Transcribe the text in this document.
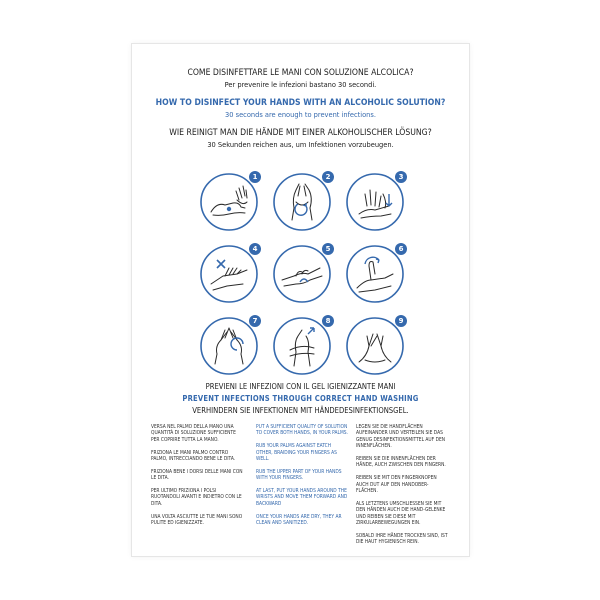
COME DISINFETTARE LE MANI CON SOLUZIONE ALCOLICA?
Per prevenire le infezioni bastano 30 secondi.
HOW TO DISINFECT YOUR HANDS WITH AN ALCOHOLIC SOLUTION?
30 seconds are enough to prevent infections.
WIE REINIGT MAN DIE HÄNDE MIT EINER ALKOHOLISCHER LÖSUNG?
30 Sekunden reichen aus, um Infektionen vorzubeugen.
1	2	3
4	5	6
7	8	9
PREVIENI LE INFEZIONI CON IL GEL IGIENIZZANTE MANI
PREVENT INFECTIONS THROUGH CORRECT HAND WASHING
VERHINDERN SIE INFEKTIONEN MIT HÄNDEDESINFEKTIONSGEL.

VERSA NEL PALMO DELLA MANO UNA QUANTITÀ DI SOLUZIONE SUFFICIENTE PER COPRIRE TUTTA LA MANO.

FRIZIONA LE MANI PALMO CONTRO PALMO, INTRECCIANDO BENE LE DITA.

FRIZIONA BENE I DORSI DELLE MANI CON LE DITA.

PER ULTIMO FRIZIONA I POLSI RUOTANDOLI AVANTI E INDIETRO CON LE DITA.

UNA VOLTA ASCIUTTE LE TUE MANI SONO PULITE ED IGIENIZZATE.

PUT A SUFFICIENT QUALITY OF SOLUTION TO COVER BOTH HANDS, IN YOUR PALMS.

RUB YOUR PALMS AGAINST EATCH OTHER, BRAIDING YOUR FINGERS AS WELL.

RUB THE UPPER PART OF YOUR HANDS WITH YOUR FINGERS.

AT LAST, PUT YOUR HANDS AROUND THE WRISTS AND MOVE THEM FORWARD AND BACKWARD

ONCE YOUR HANDS ARE DRY, THEY AR CLEAN AND SANITIZED.

LEGEN SIE DIE HANDFLÄCHEN AUFEINANDER UND VERTEILEN SIE DAS GENUG DESINFEKTIONSMITTEL AUF DEN INNENFLÄCHEN.

REIBEN SIE DIE INNENFLÄCHEN DER HÄNDE, AUCH ZWISCHEN DEN FINGERN.

REIBEN SIE MIT DEN FINGERKNOPEN AUCH DUT AUF DEN HANDOBER-FLÄCHEN.

ALS LETZTENS UMSCHLIESSEN SIE MIT DEN HÄNDEN AUCH DIE HAND-GELENKE UND REIBEN SIE DIESE MIT ZIRKULARBEWEGUNGEN EIN.

SOBALD IHRE HÄNDE TROCKEN SIND, IST DIE HAUT HYGIENISCH REIN.
